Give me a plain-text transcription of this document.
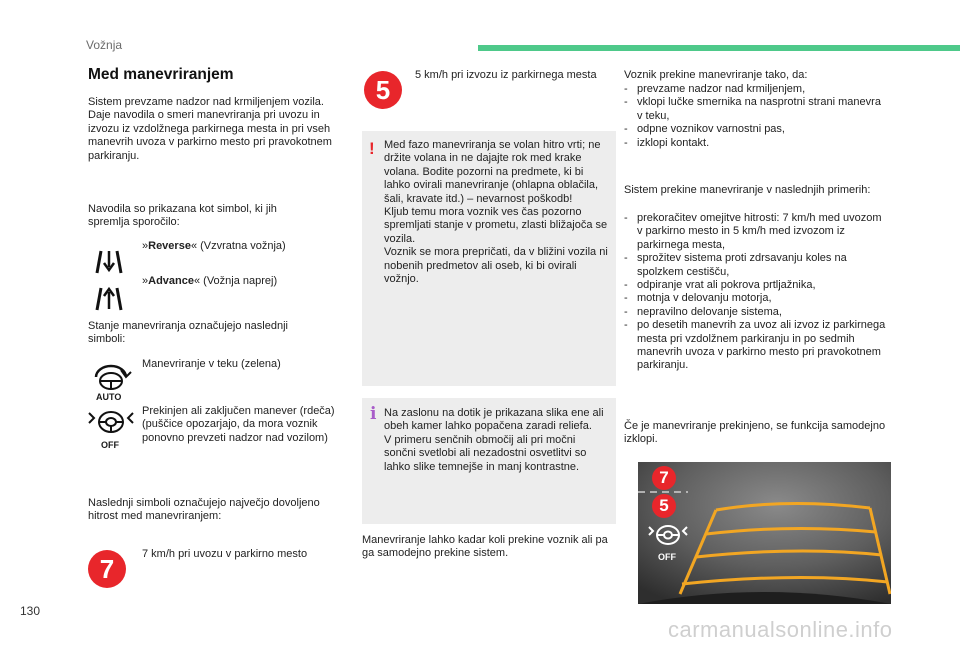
Vožnja
Med manevriranjem
Sistem prevzame nadzor nad krmiljenjem vozila. Daje navodila o smeri manevriranja pri uvozu in izvozu iz vzdolžnega parkirnega mesta in pri vseh manevrih uvoza v parkirno mesto pri pravokotnem parkiranju.
Navodila so prikazana kot simbol, ki jih spremlja sporočilo:
»Reverse« (Vzvratna vožnja)
»Advance« (Vožnja naprej)
Stanje manevriranja označujejo naslednji simboli:
AUTO
Manevriranje v teku (zelena)
OFF
Prekinjen ali zaključen manever (rdeča) (puščice opozarjajo, da mora voznik ponovno prevzeti nadzor nad vozilom)
Naslednji simboli označujejo največjo dovoljeno hitrost med manevriranjem:
7	7 km/h pri uvozu v parkirno mesto
5	5 km/h pri izvozu iz parkirnega mesta
! Med fazo manevriranja se volan hitro vrti; ne držite volana in ne dajajte rok med krake volana. Bodite pozorni na predmete, ki bi lahko ovirali manevriranje (ohlapna oblačila, šali, kravate itd.) – nevarnost poškodb!
Kljub temu mora voznik ves čas pozorno spremljati stanje v prometu, zlasti bližajoča se vozila.
Voznik se mora prepričati, da v bližini vozila ni nobenih predmetov ali oseb, ki bi ovirali vožnjo.
i Na zaslonu na dotik je prikazana slika ene ali obeh kamer lahko popačena zaradi reliefa.
V primeru senčnih območij ali pri močni sončni svetlobi ali nezadostni osvetlitvi so lahko slike temnejše in manj kontrastne.
Manevriranje lahko kadar koli prekine voznik ali pa ga samodejno prekine sistem.
Voznik prekine manevriranje tako, da:
- prevzame nadzor nad krmiljenjem,
- vklopi lučke smernika na nasprotni strani manevra v teku,
- odpne voznikov varnostni pas,
- izklopi kontakt.
Sistem prekine manevriranje v naslednjih primerih:
- prekoračitev omejitve hitrosti: 7 km/h med uvozom v parkirno mesto in 5 km/h med izvozom iz parkirnega mesta,
- sprožitev sistema proti zdrsavanju koles na spolzkem cestišču,
- odpiranje vrat ali pokrova prtljažnika,
- motnja v delovanju motorja,
- nepravilno delovanje sistema,
- po desetih manevrih za uvoz ali izvoz iz parkirnega mesta pri vzdolžnem parkiranju in po sedmih manevrih uvoza v parkirno mesto pri pravokotnem parkiranju.
Če je manevriranje prekinjeno, se funkcija samodejno izklopi.
7
5
OFF
130
carmanualsonline.info
